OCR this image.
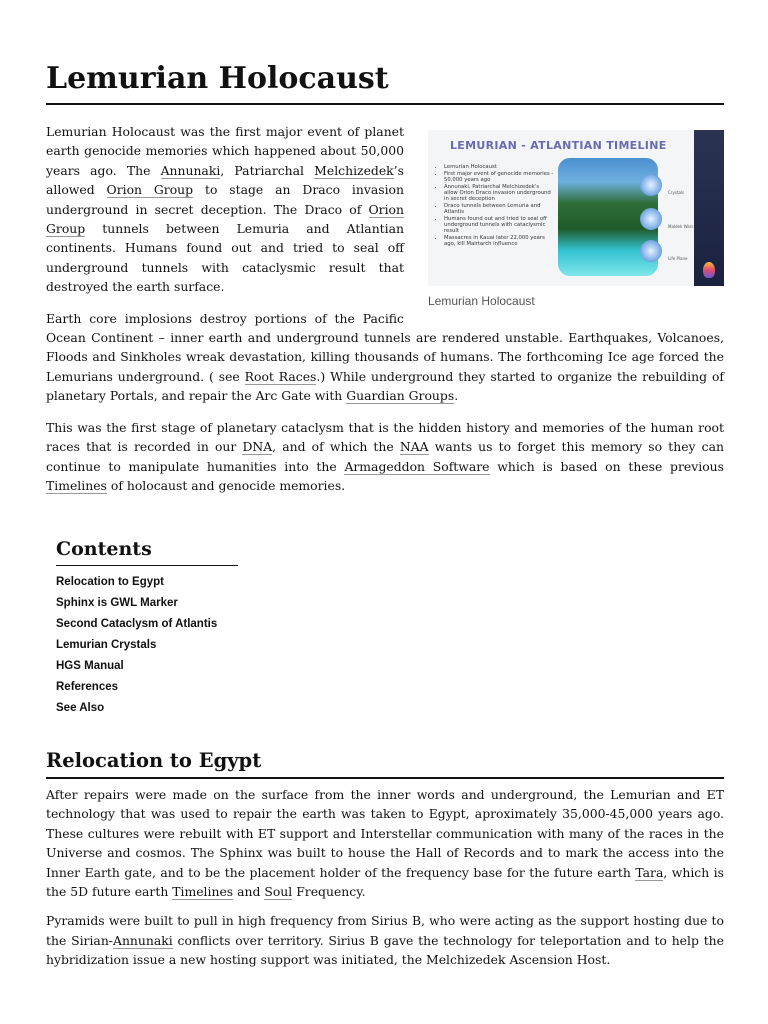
Lemurian Holocaust
LEMURIAN - ATLANTIAN TIMELINE
• Lemurian Holocaust
• First major event of genocide memories - 50,000 years ago
• Annunaki, Patriarchal Melchizedek's allow Orion Draco invasion underground in secret deception
• Draco tunnels between Lemuria and Atlantis
• Humans found out and tried to seal off underground tunnels with cataclysmic result
• Massacres in Kauai later 22,000 years ago, kill Mairtarch influence
Crystals
Maldek Wars
Life Plane
Lemurian Holocaust

Lemurian Holocaust was the first major event of planet earth genocide memories which happened about 50,000 years ago. The Annunaki, Patriarchal Melchizedek’s allowed Orion Group to stage an Draco invasion underground in secret deception. The Draco of Orion Group tunnels between Lemuria and Atlantian continents. Humans found out and tried to seal off underground tunnels with cataclysmic result that destroyed the earth surface.

Earth core implosions destroy portions of the Pacific Ocean Continent – inner earth and underground tunnels are rendered unstable. Earthquakes, Volcanoes, Floods and Sinkholes wreak devastation, killing thousands of humans. The forthcoming Ice age forced the Lemurians underground. ( see Root Races.) While underground they started to organize the rebuilding of planetary Portals, and repair the Arc Gate with Guardian Groups.

This was the first stage of planetary cataclysm that is the hidden history and memories of the human root races that is recorded in our DNA, and of which the NAA wants us to forget this memory so they can continue to manipulate humanities into the Armageddon Software which is based on these previous Timelines of holocaust and genocide memories.

Contents
Relocation to Egypt
Sphinx is GWL Marker
Second Cataclysm of Atlantis
Lemurian Crystals
HGS Manual
References
See Also
Relocation to Egypt

After repairs were made on the surface from the inner words and underground, the Lemurian and ET technology that was used to repair the earth was taken to Egypt, aproximately 35,000-45,000 years ago. These cultures were rebuilt with ET support and Interstellar communication with many of the races in the Universe and cosmos. The Sphinx was built to house the Hall of Records and to mark the access into the Inner Earth gate, and to be the placement holder of the frequency base for the future earth Tara, which is the 5D future earth Timelines and Soul Frequency.

Pyramids were built to pull in high frequency from Sirius B, who were acting as the support hosting due to the Sirian-Annunaki conflicts over territory. Sirius B gave the technology for teleportation and to help the hybridization issue a new hosting support was initiated, the Melchizedek Ascension Host.
